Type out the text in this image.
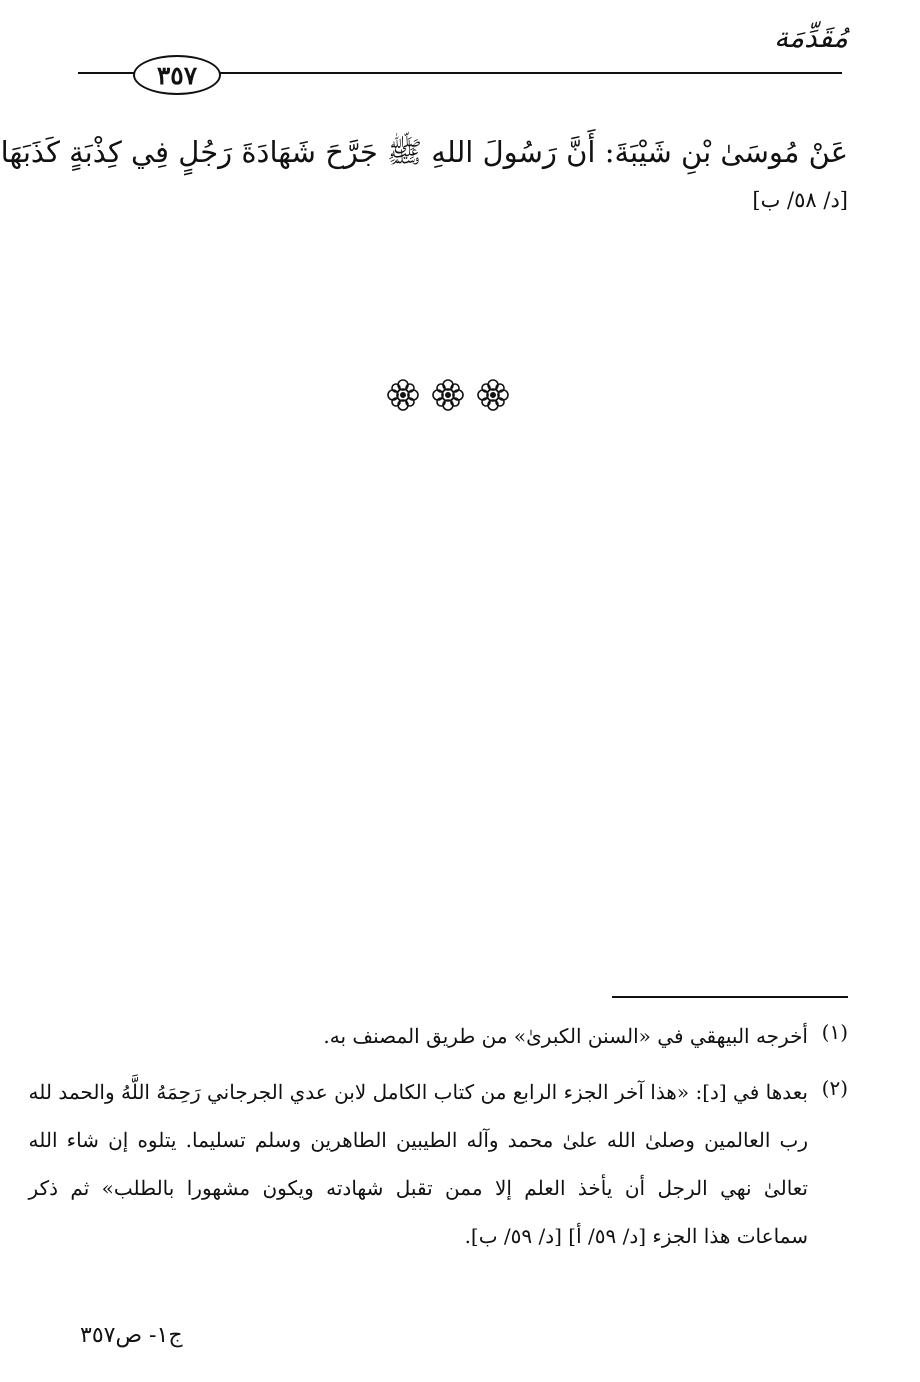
مُقَدِّمَة
٣٥٧
عَنْ مُوسَىٰ بْنِ شَيْبَةَ: أَنَّ رَسُولَ اللهِ ﷺ جَرَّحَ شَهَادَةَ رَجُلٍ فِي كِذْبَةٍ كَذَبَهَا
[د/ ٥٨/ ب]
(١)
أخرجه البيهقي في «السنن الكبرىٰ» من طريق المصنف به.
(٢)
بعدها في [د]: «هذا آخر الجزء الرابع من كتاب الكامل لابن عدي الجرجاني رَحِمَهُ اللَّهُ والحمد لله
رب العالمين وصلىٰ الله علىٰ محمد وآله الطيبين الطاهرين وسلم تسليما. يتلوه إن شاء الله
تعالىٰ نهي الرجل أن يأخذ العلم إلا ممن تقبل شهادته ويكون مشهورا بالطلب» ثم ذكر
سماعات هذا الجزء [د/ ٥٩/ أ] [د/ ٥٩/ ب].
ج١- ص٣٥٧
